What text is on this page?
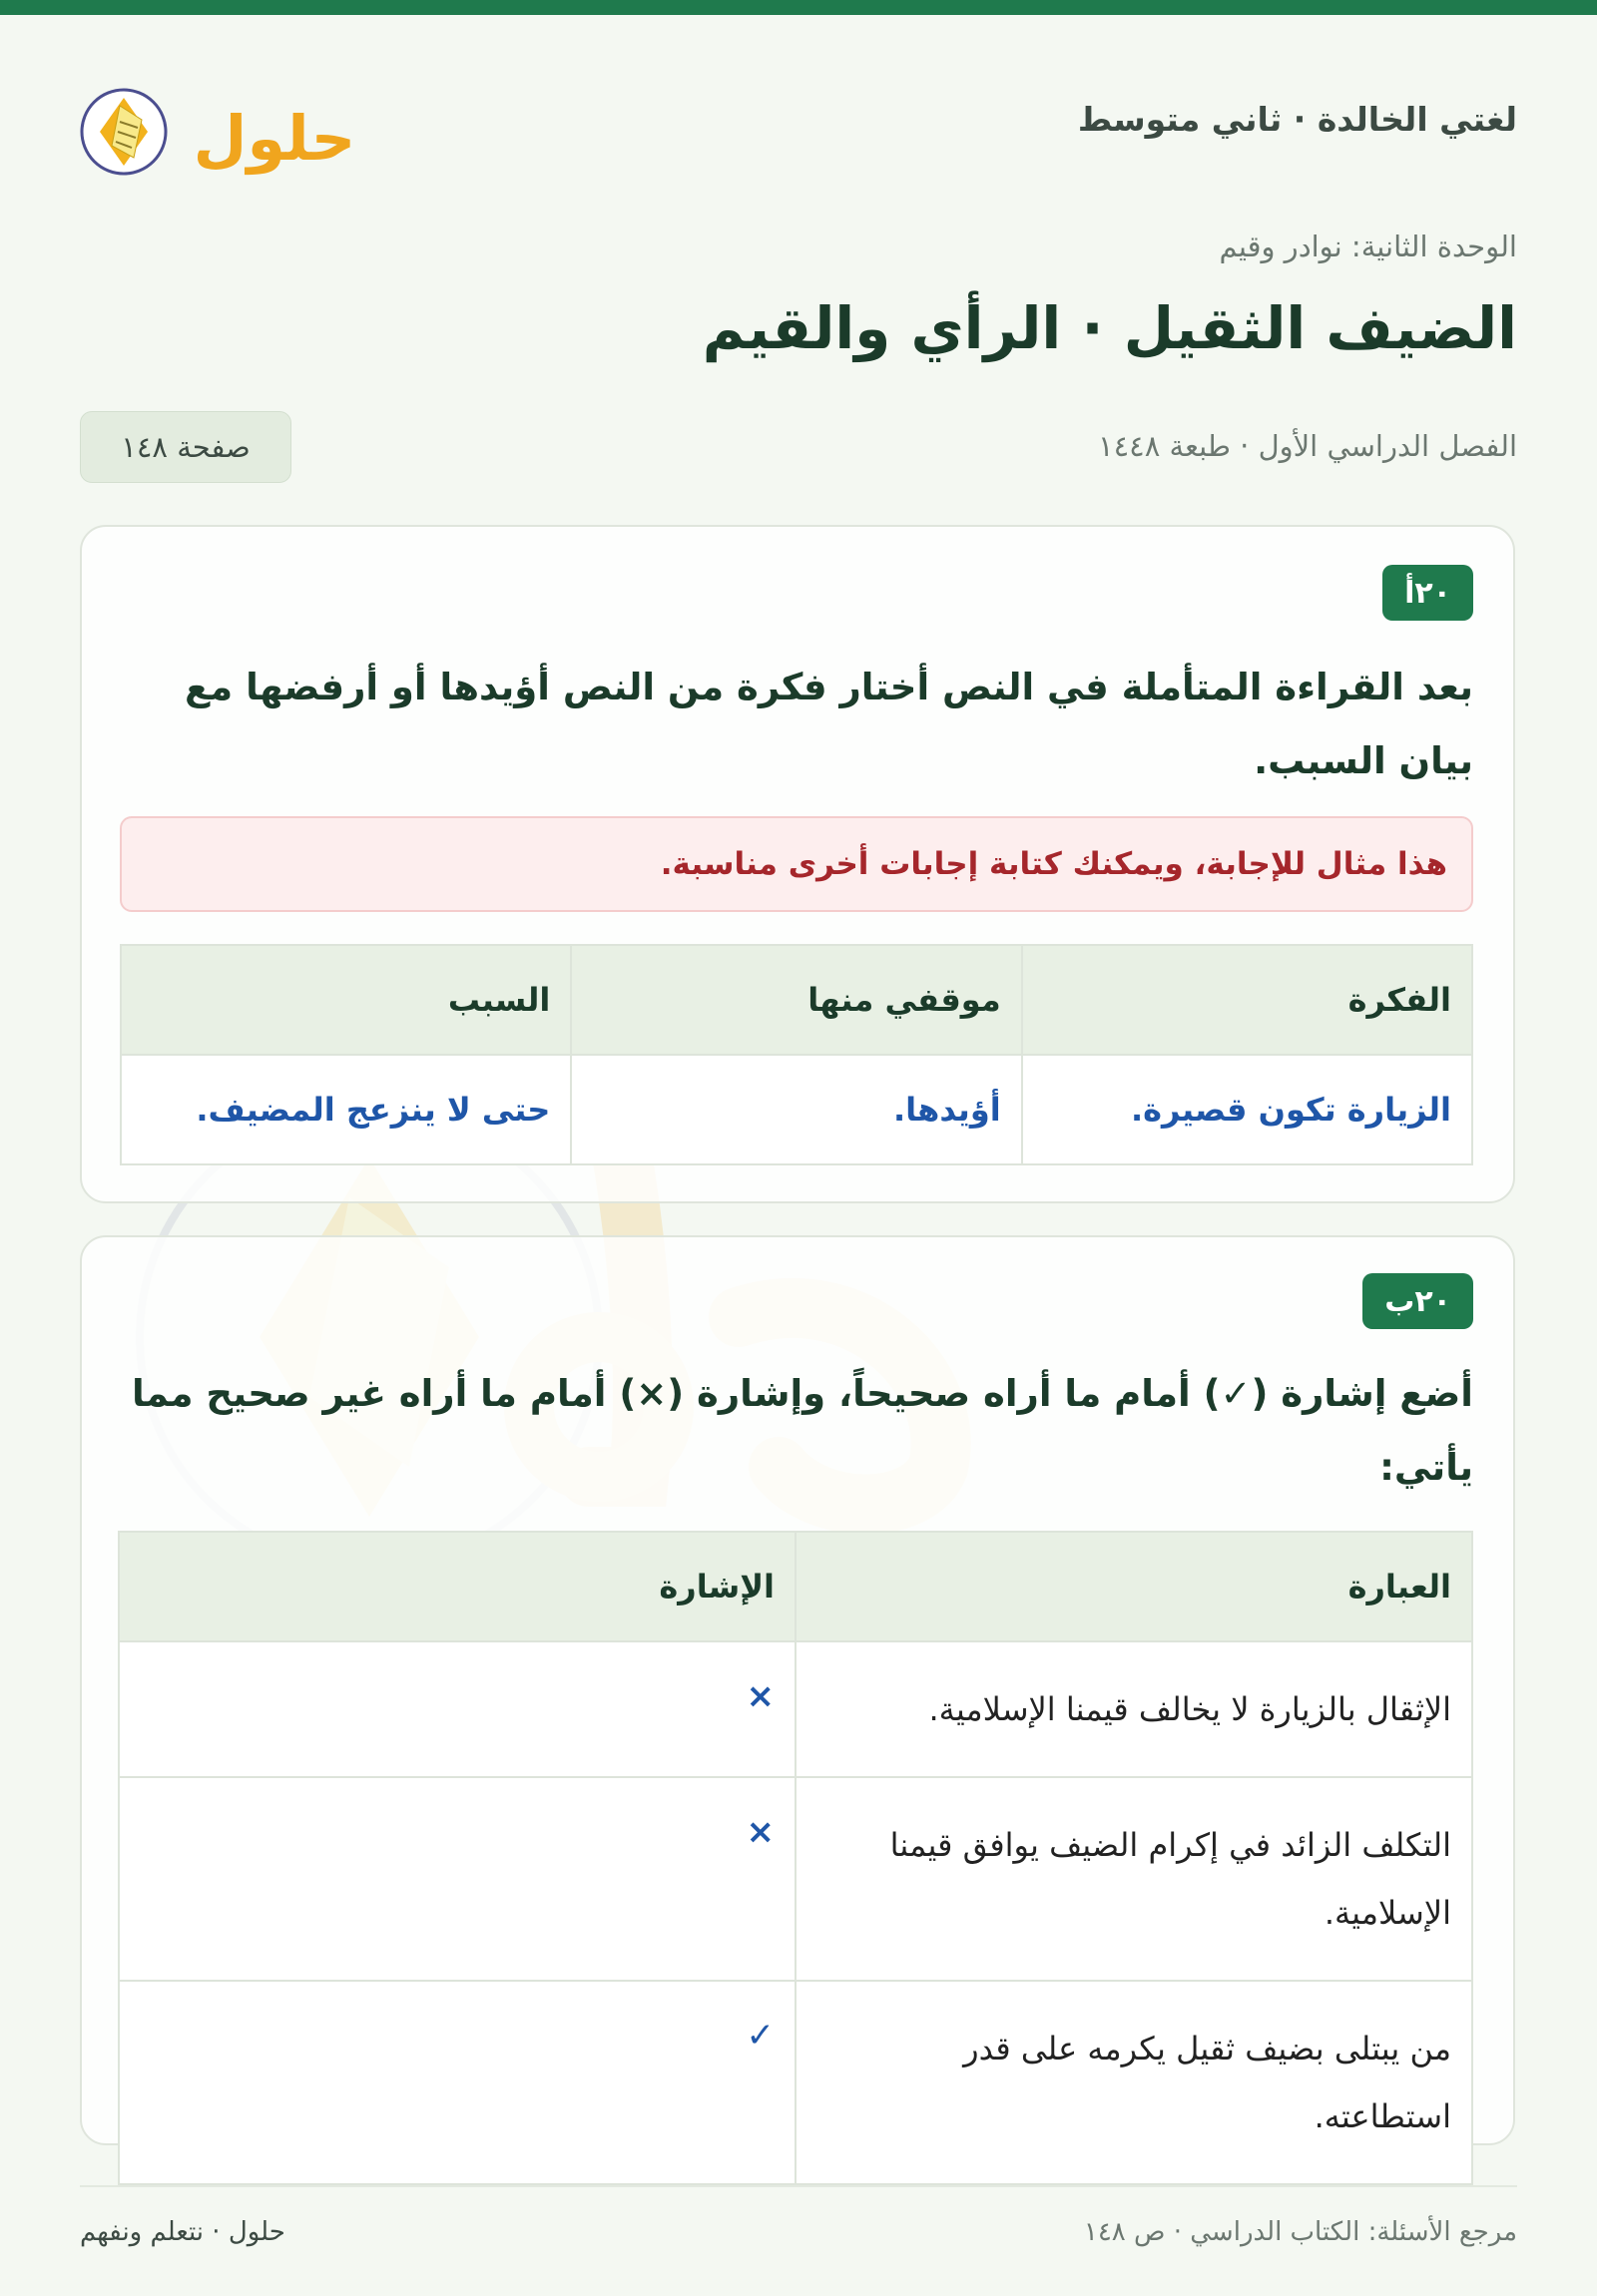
لغتي الخالدة · ثاني متوسط
حلول
الوحدة الثانية: نوادر وقيم
الضيف الثقيل · الرأي والقيم
الفصل الدراسي الأول · طبعة ١٤٤٨
صفحة ١٤٨
٢٠أ

بعد القراءة المتأملة في النص أختار فكرة من النص أؤيدها أو أرفضها مع بيان السبب.

هذا مثال للإجابة، ويمكنك كتابة إجابات أخرى مناسبة.
الفكرة	موقفي منها	السبب
الزيارة تكون قصيرة.	أؤيدها.	حتى لا ينزعج المضيف.
٢٠ب

أضع إشارة (✓) أمام ما أراه صحيحاً، وإشارة (×) أمام ما أراه غير صحيح مما يأتي:

العبارة	الإشارة
الإثقال بالزيارة لا يخالف قيمنا الإسلامية.	×
التكلف الزائد في إكرام الضيف يوافق قيمنا الإسلامية.	×
من يبتلى بضيف ثقيل يكرمه على قدر استطاعته.	✓
حلول · نتعلم ونفهم	مرجع الأسئلة: الكتاب الدراسي · ص ١٤٨
